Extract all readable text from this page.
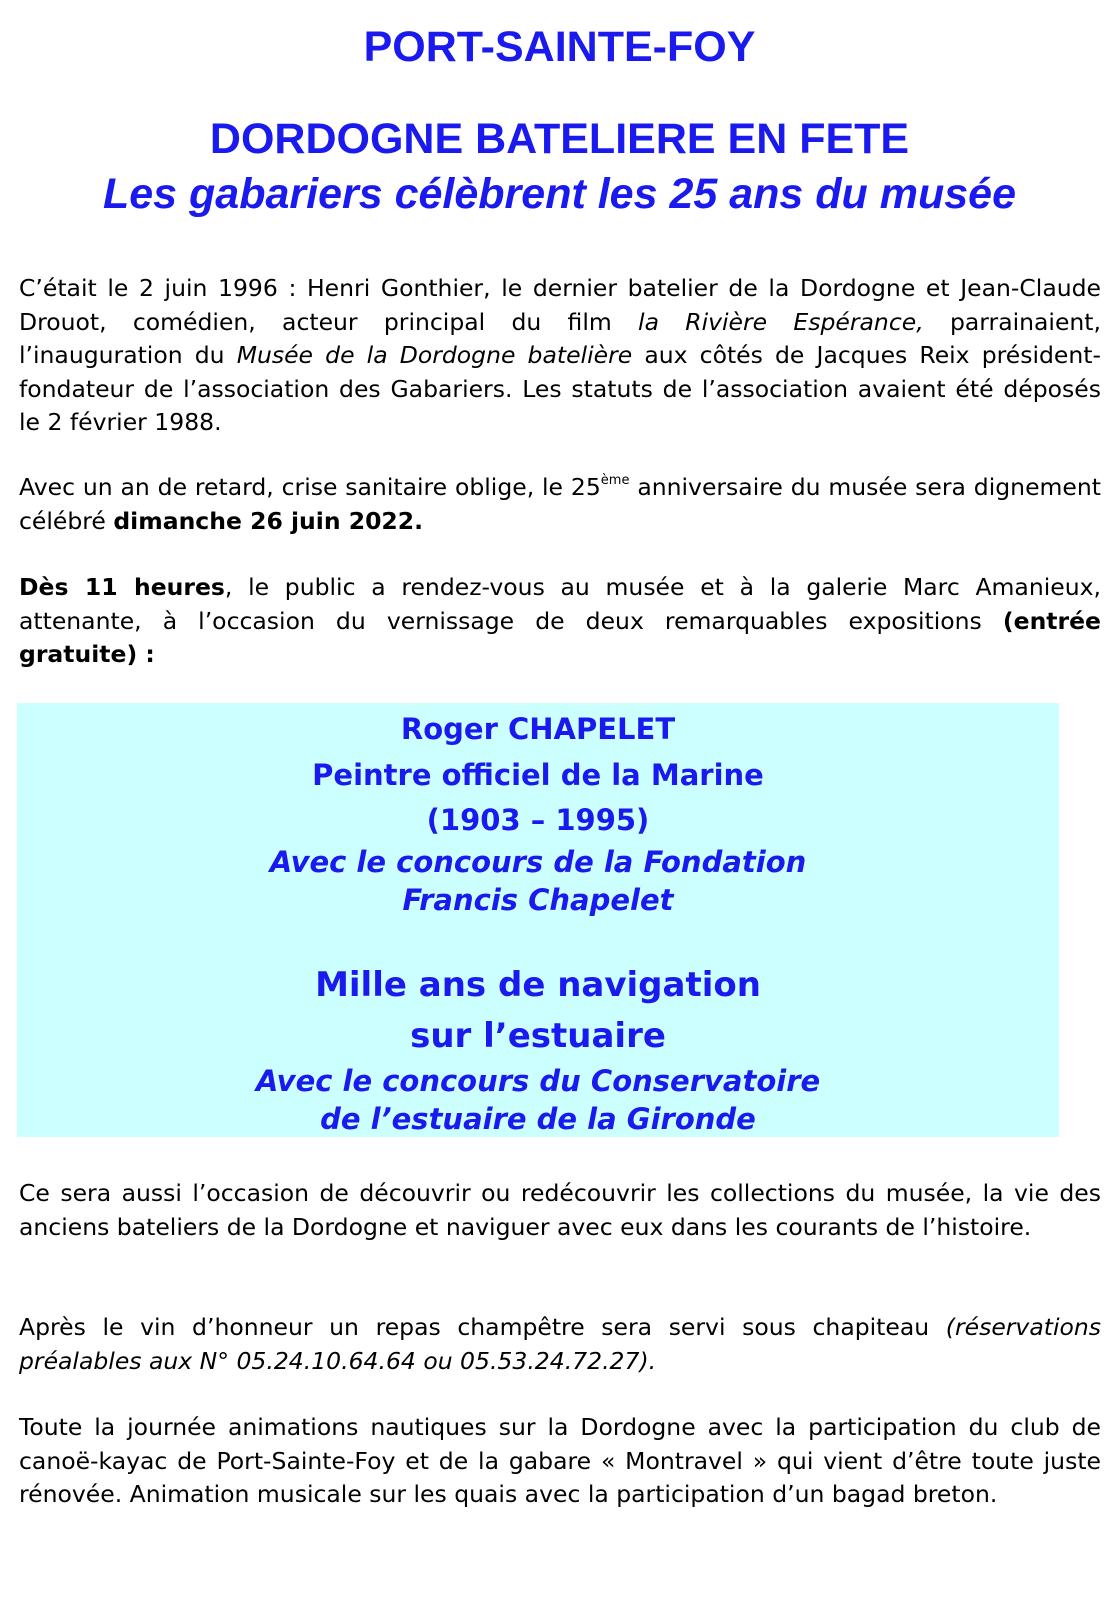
PORT-SAINTE-FOY
DORDOGNE BATELIERE EN FETE
Les gabariers célèbrent les 25 ans du musée

C’était le 2 juin 1996 : Henri Gonthier, le dernier batelier de la Dordogne et Jean-Claude Drouot, comédien, acteur principal du film la Rivière Espérance, parrainaient, l’inauguration du Musée de la Dordogne batelière aux côtés de Jacques Reix président-fondateur de l’association des Gabariers. Les statuts de l’association avaient été déposés le 2 février 1988.

Avec un an de retard, crise sanitaire oblige, le 25ème anniversaire du musée sera dignement célébré dimanche 26 juin 2022.

Dès 11 heures, le public a rendez-vous au musée et à la galerie Marc Amanieux, attenante, à l’occasion du vernissage de deux remarquables expositions (entrée gratuite) :

Roger CHAPELET
Peintre officiel de la Marine
(1903 – 1995)
Avec le concours de la Fondation
Francis Chapelet
Mille ans de navigation
sur l’estuaire
Avec le concours du Conservatoire
de l’estuaire de la Gironde

Ce sera aussi l’occasion de découvrir ou redécouvrir les collections du musée, la vie des anciens bateliers de la Dordogne et naviguer avec eux dans les courants de l’histoire.

Après le vin d’honneur un repas champêtre sera servi sous chapiteau (réservations préalables aux N° 05.24.10.64.64 ou 05.53.24.72.27).

Toute la journée animations nautiques sur la Dordogne avec la participation du club de canoë-kayac de Port-Sainte-Foy et de la gabare « Montravel » qui vient d’être toute juste rénovée. Animation musicale sur les quais avec la participation d’un bagad breton.
